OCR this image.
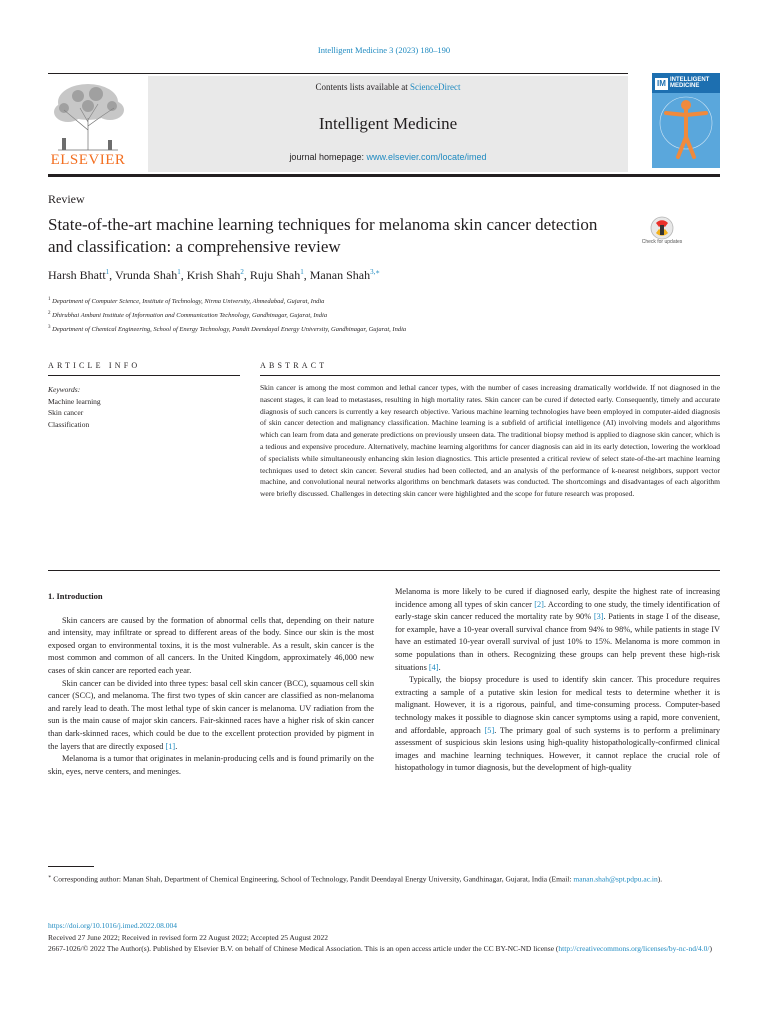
Intelligent Medicine 3 (2023) 180–190
ELSEVIER
Contents lists available at ScienceDirect
Intelligent Medicine
journal homepage: www.elsevier.com/locate/imed
IM INTELLIGENT
MEDICINE
Review
State-of-the-art machine learning techniques for melanoma skin cancer detection and classification: a comprehensive review	Check for updates
Harsh Bhatt$^1$, Vrunda Shah$^1$, Krish Shah$^2$, Ruju Shah$^1$, Manan Shah$^{3,∗}$
$^1$ Department of Computer Science, Institute of Technology, Nirma University, Ahmedabad, Gujarat, India
$^2$ Dhirubhai Ambani Institute of Information and Communication Technology, Gandhinagar, Gujarat, India
$^3$ Department of Chemical Engineering, School of Energy Technology, Pandit Deendayal Energy University, Gandhinagar, Gujarat, India
ARTICLE INFO	ABSTRACT
Keywords:
Machine learning
Skin cancer
Classification
Skin cancer is among the most common and lethal cancer types, with the number of cases increasing dramatically worldwide. If not diagnosed in the nascent stages, it can lead to metastases, resulting in high mortality rates. Skin cancer can be cured if detected early. Consequently, timely and accurate diagnosis of such cancers is currently a key research objective. Various machine learning technologies have been employed in computer-aided diagnosis of skin cancer detection and malignancy classification. Machine learning is a subfield of artificial intelligence (AI) involving models and algorithms which can learn from data and generate predictions on previously unseen data. The traditional biopsy method is applied to diagnose skin cancer, which is a tedious and expensive procedure. Alternatively, machine learning algorithms for cancer diagnosis can aid in its early detection, lowering the workload of specialists while simultaneously enhancing skin lesion diagnostics. This article presented a critical review of select state-of-the-art machine learning techniques used to detect skin cancer. Several studies had been collected, and an analysis of the performance of k-nearest neighbors, support vector machine, and convolutional neural networks algorithms on benchmark datasets was conducted. The shortcomings and disadvantages of each algorithm were briefly discussed. Challenges in detecting skin cancer were highlighted and the scope for future research was proposed.
1. Introduction

Skin cancers are caused by the formation of abnormal cells that, depending on their nature and intensity, may infiltrate or spread to different areas of the body. Since our skin is the most exposed organ to environmental toxins, it is the most vulnerable. As a result, skin cancer is the most common and common of all cancers. In the United Kingdom, approximately 46,000 new cases of skin cancer are reported each year.

Skin cancer can be divided into three types: basal cell skin cancer (BCC), squamous cell skin cancer (SCC), and melanoma. The first two types of skin cancer are classified as non-melanoma and rarely lead to death. The most lethal type of skin cancer is melanoma. UV radiation from the sun is the main cause of major skin cancers. Fair-skinned races have a higher risk of skin cancer than dark-skinned races, which could be due to the excellent protection provided by pigment in the layers that are directly exposed [1].

Melanoma is a tumor that originates in melanin-producing cells and is found primarily on the skin, eyes, nerve centers, and meninges.

Melanoma is more likely to be cured if diagnosed early, despite the highest rate of increasing incidence among all types of skin cancer [2]. According to one study, the timely identification of early-stage skin cancer reduced the mortality rate by 90% [3]. Patients in stage I of the disease, for example, have a 10-year overall survival chance from 94% to 98%, while patients in stage IV have an estimated 10-year overall survival of just 10% to 15%. Melanoma is more common in some populations than in others. Recognizing these groups can help prevent these high-risk situations [4].

Typically, the biopsy procedure is used to identify skin cancer. This procedure requires extracting a sample of a putative skin lesion for medical tests to determine whether it is malignant. However, it is a rigorous, painful, and time-consuming process. Computer-based technology makes it possible to diagnose skin cancer symptoms using a rapid, more convenient, and affordable, approach [5]. The primary goal of such systems is to perform a preliminary assessment of suspicious skin lesions using high-quality histopathologically-confirmed clinical images and machine learning techniques. However, it cannot replace the crucial role of histopathology in tumor diagnosis, but the development of high-quality

∗ Corresponding author: Manan Shah, Department of Chemical Engineering, School of Technology, Pandit Deendayal Energy University, Gandhinagar, Gujarat, India (Email: manan.shah@spt.pdpu.ac.in).
https://doi.org/10.1016/j.imed.2022.08.004
Received 27 June 2022; Received in revised form 22 August 2022; Accepted 25 August 2022
2667-1026/© 2022 The Author(s). Published by Elsevier B.V. on behalf of Chinese Medical Association. This is an open access article under the CC BY-NC-ND license (http://creativecommons.org/licenses/by-nc-nd/4.0/)
